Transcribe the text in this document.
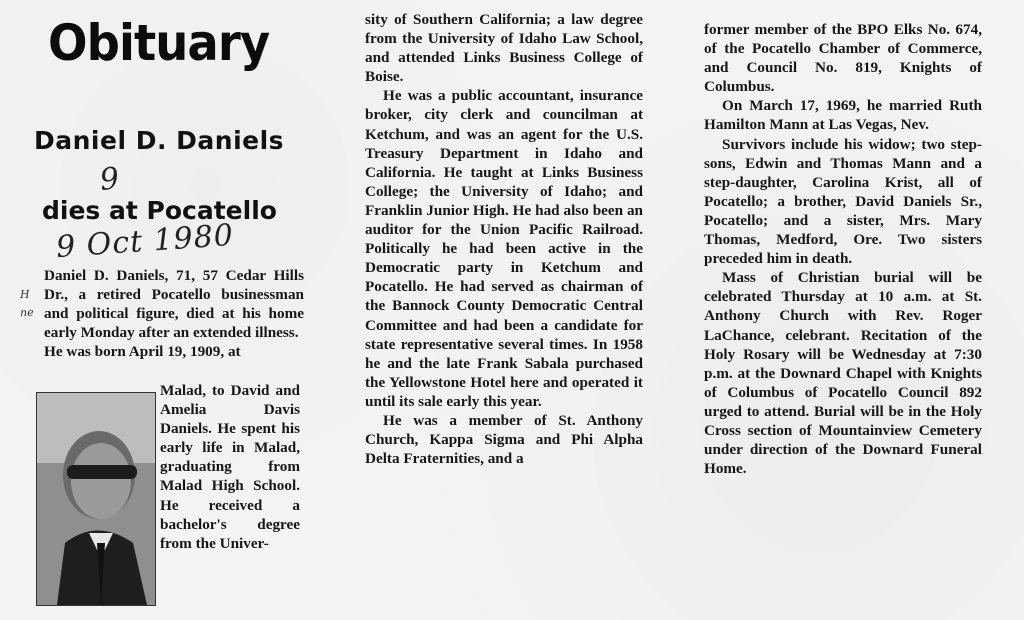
Obituary
Daniel D. Daniels
9
dies at Pocatello
9 Oct 1980
H
ne

Daniel D. Daniels, 71, 57 Cedar Hills Dr., a retired Pocatello businessman and political figure, died at his home early Monday after an extended illness.

He was born April 19, 1909, at

Malad, to David and Amelia Davis Daniels. He spent his early life in Malad, graduating from Malad High School. He received a bachelor's degree from the Univer-

sity of Southern California; a law degree from the University of Idaho Law School, and attended Links Business College of Boise.

He was a public accountant, insurance broker, city clerk and councilman at Ketchum, and was an agent for the U.S. Treasury Department in Idaho and California. He taught at Links Business College; the University of Idaho; and Franklin Junior High. He had also been an auditor for the Union Pacific Railroad. Politically he had been active in the Democratic party in Ketchum and Pocatello. He had served as chairman of the Bannock County Democratic Central Committee and had been a candidate for state representative several times. In 1958 he and the late Frank Sabala purchased the Yellowstone Hotel here and operated it until its sale early this year.

He was a member of St. Anthony Church, Kappa Sigma and Phi Alpha Delta Fraternities, and a

former member of the BPO Elks No. 674, of the Pocatello Chamber of Commerce, and Council No. 819, Knights of Columbus.

On March 17, 1969, he married Ruth Hamilton Mann at Las Vegas, Nev.

Survivors include his widow; two step-sons, Edwin and Thomas Mann and a step-daughter, Carolina Krist, all of Pocatello; a brother, David Daniels Sr., Pocatello; and a sister, Mrs. Mary Thomas, Medford, Ore. Two sisters preceded him in death.

Mass of Christian burial will be celebrated Thursday at 10 a.m. at St. Anthony Church with Rev. Roger LaChance, celebrant. Recitation of the Holy Rosary will be Wednesday at 7:30 p.m. at the Downard Chapel with Knights of Columbus of Pocatello Council 892 urged to attend. Burial will be in the Holy Cross section of Mountainview Cemetery under direction of the Downard Funeral Home.
